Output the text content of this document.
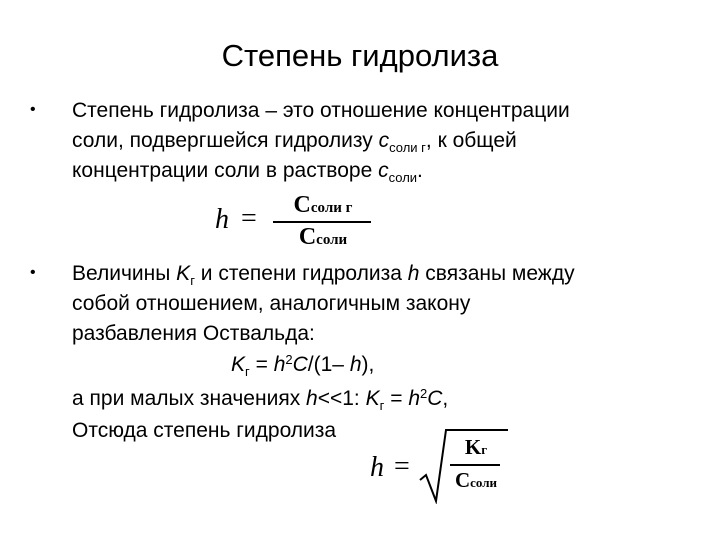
Степень гидролиза
• Степень гидролиза – это отношение концентрации
соли, подвергшейся гидролизу $с_{соли г}$, к общей
концентрации соли в растворе $с_{соли}$.
h =	Ссоли г
Ссоли
• Величины $K_г$ и степени гидролиза h связаны между
собой отношением, аналогичным закону
разбавления Оствальда:
$K_г = h^2C/(1-$ h),
а при малых значениях h<<1: $K_г = h^2C$,
Отсюда степень гидролиза
h =
Kг
Ссоли
